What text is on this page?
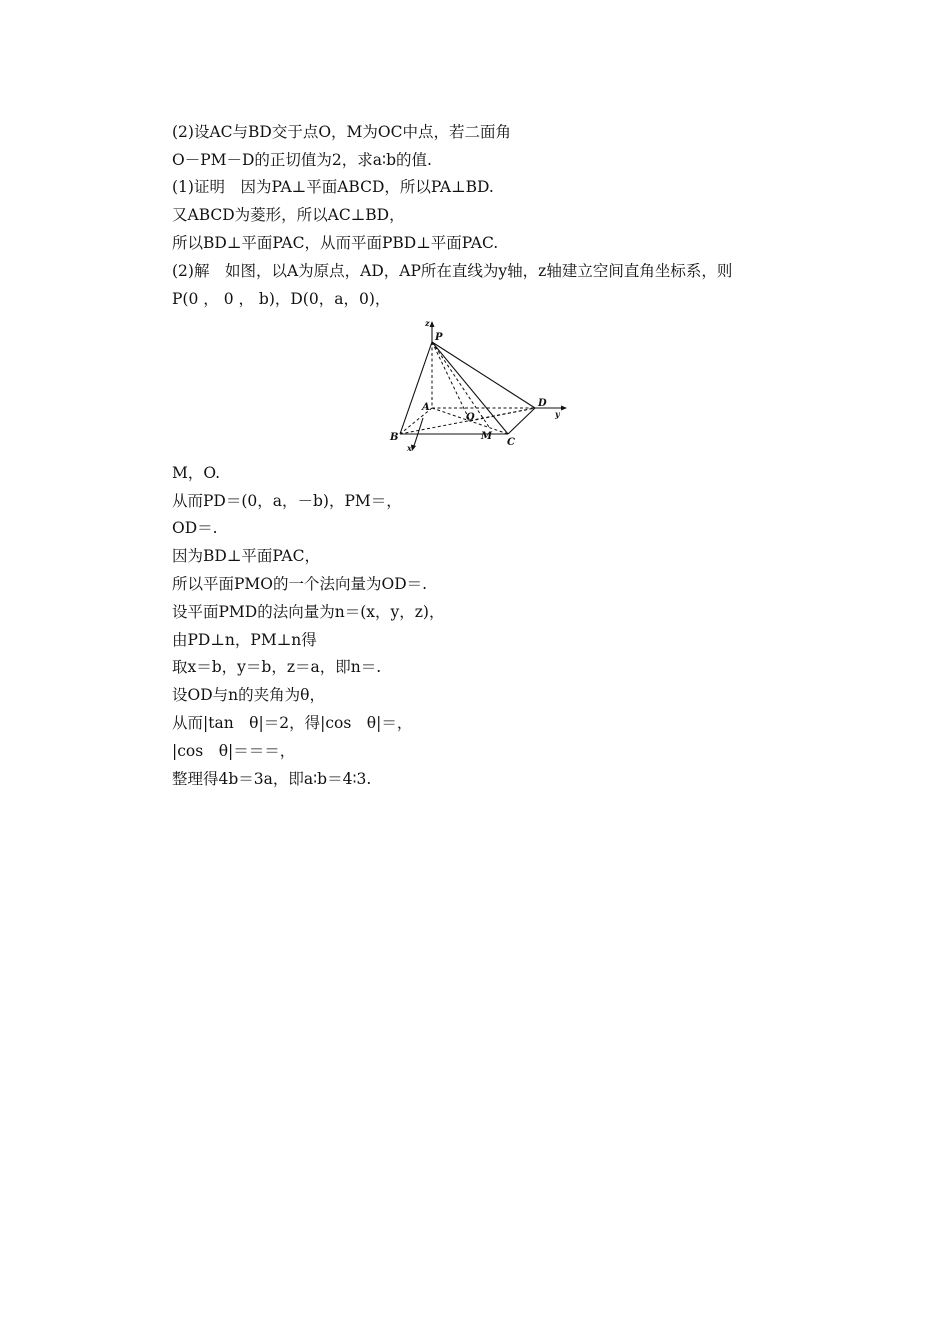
(2)设AC与BD交于点O，M为OC中点，若二面角
O－PM－D的正切值为2，求a∶b的值.
(1)证明　因为PA⊥平面ABCD，所以PA⊥BD.
又ABCD为菱形，所以AC⊥BD，
所以BD⊥平面PAC，从而平面PBD⊥平面PAC.
(2)解　如图，以A为原点，AD，AP所在直线为y轴，z轴建立空间直角坐标系，则
P(0 ， 0 ， b)，D(0，a，0)，
P
A
B	C
D
O
M
z
y
x
M，O.
从而PD＝(0，a，－b)，PM＝，
OD＝.
因为BD⊥平面PAC，
所以平面PMO的一个法向量为OD＝.
设平面PMD的法向量为n＝(x，y，z)，
由PD⊥n，PM⊥n得
取x＝b，y＝b，z＝a，即n＝.
设OD与n的夹角为θ，
从而|tan　θ|＝2，得|cos　θ|＝，
|cos　θ|＝＝＝，
整理得4b＝3a，即a∶b＝4∶3.
